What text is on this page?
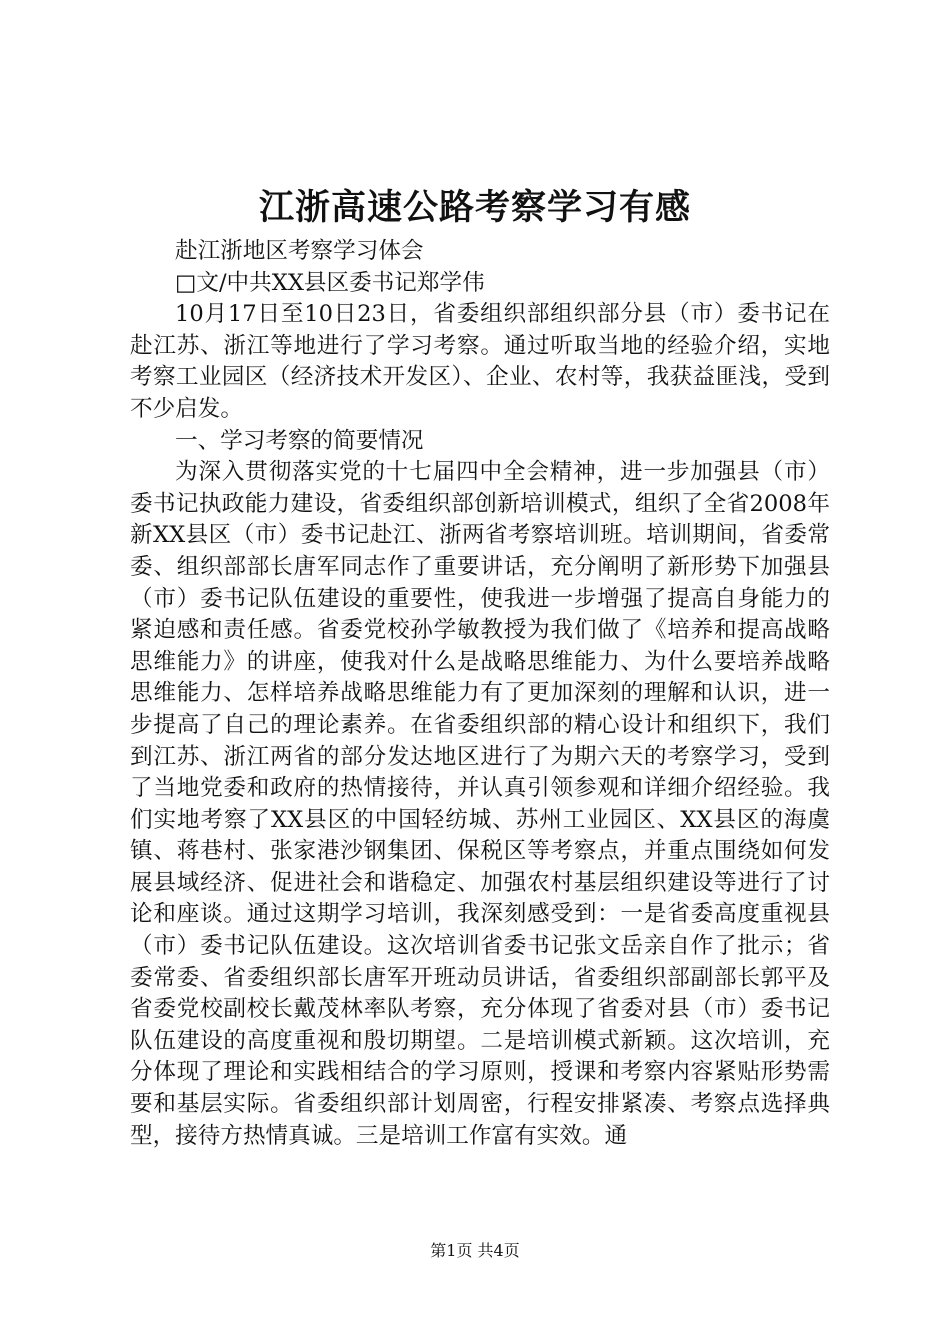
江浙高速公路考察学习有感

赴江浙地区考察学习体会

□文/中共XX县区委书记郑学伟

10月17日至10日23日，省委组织部组织部分县（市）委书记在赴江苏、浙江等地进行了学习考察。通过听取当地的经验介绍，实地考察工业园区（经济技术开发区）、企业、农村等，我获益匪浅，受到不少启发。

一、学习考察的简要情况

为深入贯彻落实党的十七届四中全会精神，进一步加强县（市）委书记执政能力建设，省委组织部创新培训模式，组织了全省2008年新XX县区（市）委书记赴江、浙两省考察培训班。培训期间，省委常委、组织部部长唐军同志作了重要讲话，充分阐明了新形势下加强县（市）委书记队伍建设的重要性，使我进一步增强了提高自身能力的紧迫感和责任感。省委党校孙学敏教授为我们做了《培养和提高战略思维能力》的讲座，使我对什么是战略思维能力、为什么要培养战略思维能力、怎样培养战略思维能力有了更加深刻的理解和认识，进一步提高了自己的理论素养。在省委组织部的精心设计和组织下，我们到江苏、浙江两省的部分发达地区进行了为期六天的考察学习，受到了当地党委和政府的热情接待，并认真引领参观和详细介绍经验。我们实地考察了XX县区的中国轻纺城、苏州工业园区、XX县区的海虞镇、蒋巷村、张家港沙钢集团、保税区等考察点，并重点围绕如何发展县域经济、促进社会和谐稳定、加强农村基层组织建设等进行了讨论和座谈。通过这期学习培训，我深刻感受到：一是省委高度重视县（市）委书记队伍建设。这次培训省委书记张文岳亲自作了批示；省委常委、省委组织部长唐军开班动员讲话，省委组织部副部长郭平及省委党校副校长戴茂林率队考察，充分体现了省委对县（市）委书记队伍建设的高度重视和殷切期望。二是培训模式新颖。这次培训，充分体现了理论和实践相结合的学习原则，授课和考察内容紧贴形势需要和基层实际。省委组织部计划周密，行程安排紧凑、考察点选择典型，接待方热情真诚。三是培训工作富有实效。通

第1页 共4页
